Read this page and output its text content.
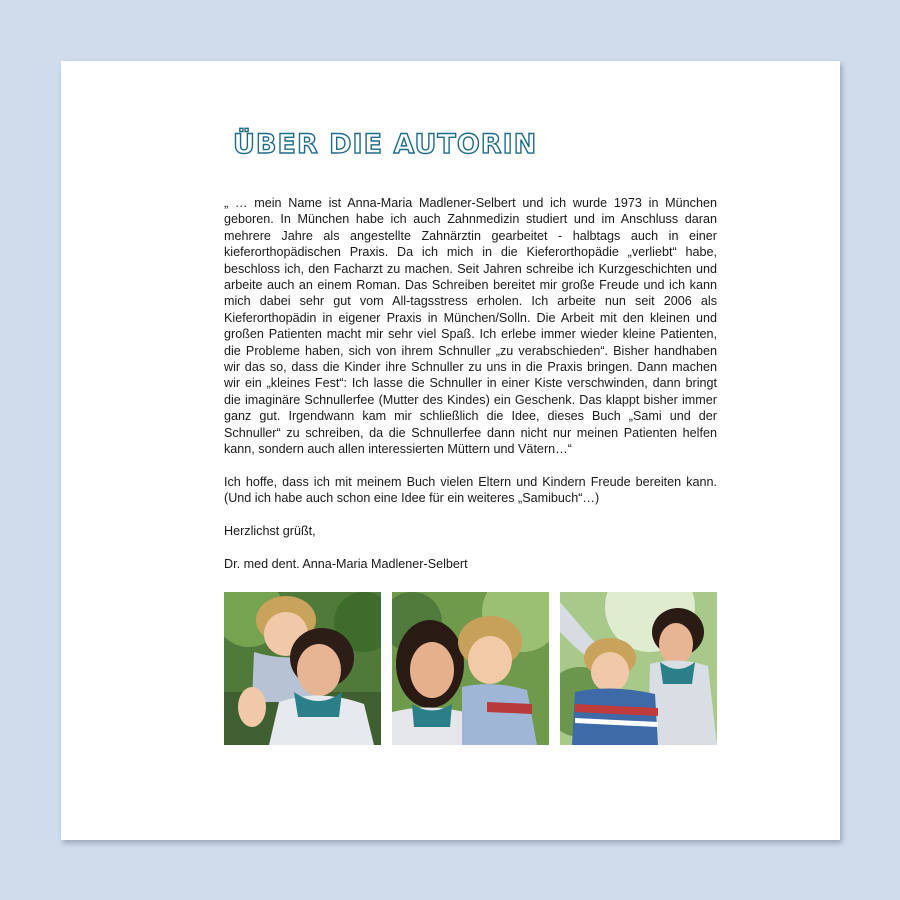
ÜBER DIE AUTORIN

„ … mein Name ist Anna-Maria Madlener-Selbert und ich wurde 1973 in München geboren. In München habe ich auch Zahnmedizin studiert und im Anschluss daran mehrere Jahre als angestellte Zahnärztin gearbeitet - halbtags auch in einer kieferorthopädischen Praxis. Da ich mich in die Kieferorthopädie „verliebt“ habe, beschloss ich, den Facharzt zu machen. Seit Jahren schreibe ich Kurzgeschichten und arbeite auch an einem Roman. Das Schreiben bereitet mir große Freude und ich kann mich dabei sehr gut vom All-tagsstress erholen. Ich arbeite nun seit 2006 als Kieferorthopädin in eigener Praxis in München/Solln. Die Arbeit mit den kleinen und großen Patienten macht mir sehr viel Spaß. Ich erlebe immer wieder kleine Patienten, die Probleme haben, sich von ihrem Schnuller „zu verabschieden“. Bisher handhaben wir das so, dass die Kinder ihre Schnuller zu uns in die Praxis bringen. Dann machen wir ein „kleines Fest“: Ich lasse die Schnuller in einer Kiste verschwinden, dann bringt die imaginäre Schnullerfee (Mutter des Kindes) ein Geschenk. Das klappt bisher immer ganz gut. Irgendwann kam mir schließlich die Idee, dieses Buch „Sami und der Schnuller“ zu schreiben, da die Schnullerfee dann nicht nur meinen Patienten helfen kann, sondern auch allen interessierten Müttern und Vätern…“

Ich hoffe, dass ich mit meinem Buch vielen Eltern und Kindern Freude bereiten kann. (Und ich habe auch schon eine Idee für ein weiteres „Samibuch“…)

Herzlichst grüßt,

Dr. med dent. Anna-Maria Madlener-Selbert
